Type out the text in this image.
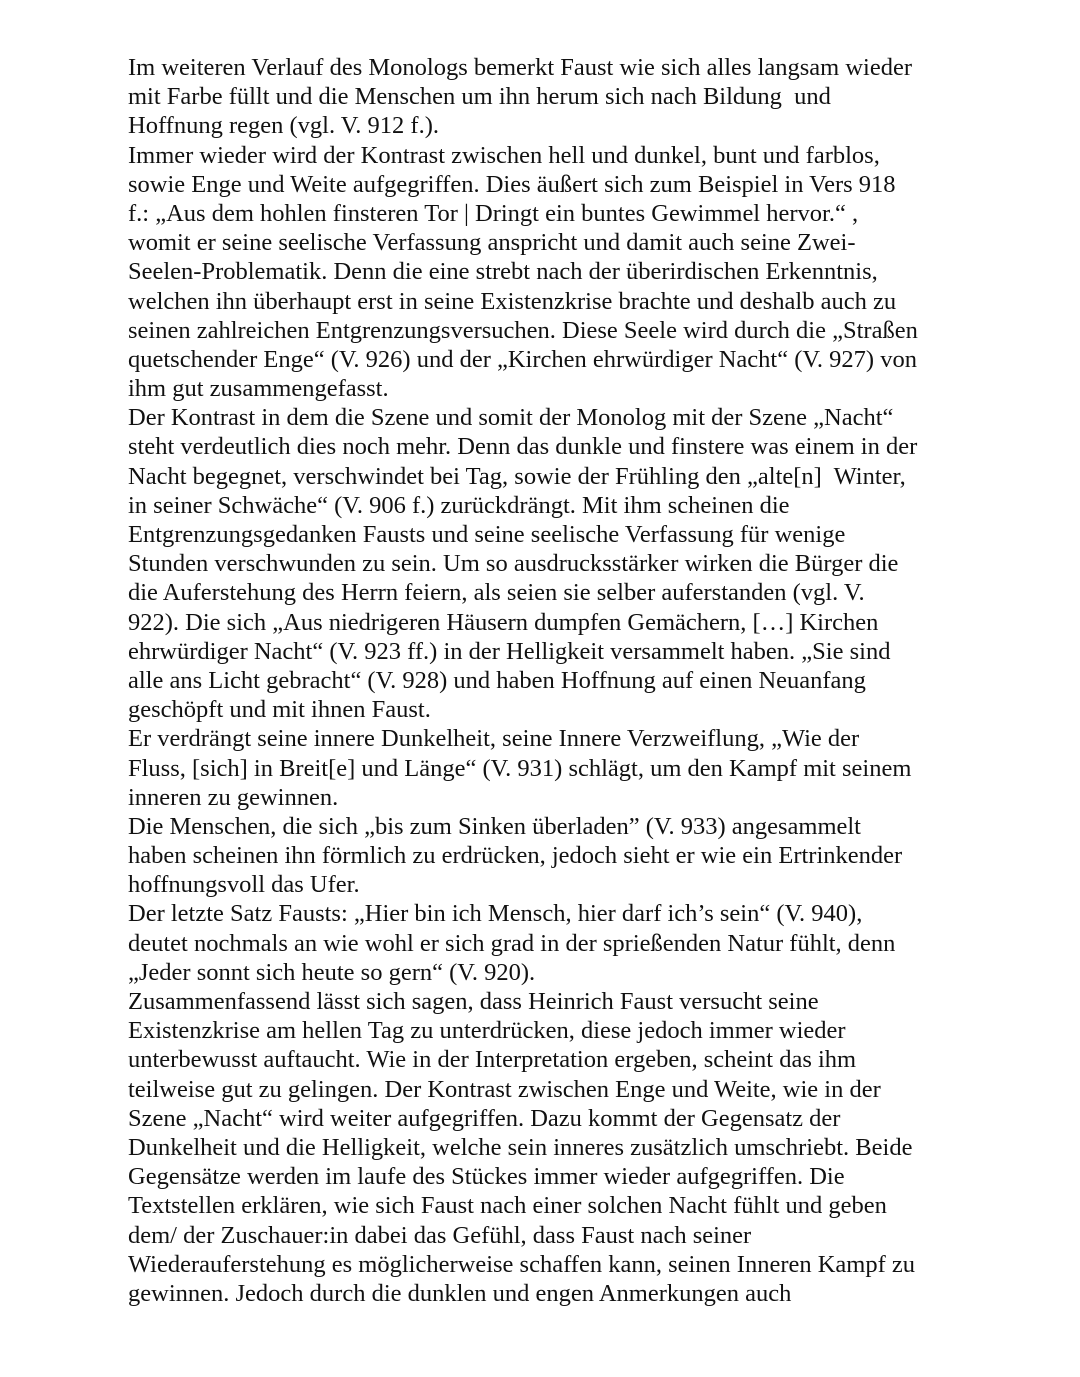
Im weiteren Verlauf des Monologs bemerkt Faust wie sich alles langsam wieder
mit Farbe füllt und die Menschen um ihn herum sich nach Bildung  und
Hoffnung regen (vgl. V. 912 f.).
Immer wieder wird der Kontrast zwischen hell und dunkel, bunt und farblos,
sowie Enge und Weite aufgegriffen. Dies äußert sich zum Beispiel in Vers 918
f.: „Aus dem hohlen finsteren Tor | Dringt ein buntes Gewimmel hervor.“ ,
womit er seine seelische Verfassung anspricht und damit auch seine Zwei-
Seelen-Problematik. Denn die eine strebt nach der überirdischen Erkenntnis,
welchen ihn überhaupt erst in seine Existenzkrise brachte und deshalb auch zu
seinen zahlreichen Entgrenzungsversuchen. Diese Seele wird durch die „Straßen
quetschender Enge“ (V. 926) und der „Kirchen ehrwürdiger Nacht“ (V. 927) von
ihm gut zusammengefasst.
Der Kontrast in dem die Szene und somit der Monolog mit der Szene „Nacht“
steht verdeutlich dies noch mehr. Denn das dunkle und finstere was einem in der
Nacht begegnet, verschwindet bei Tag, sowie der Frühling den „alte[n]  Winter,
in seiner Schwäche“ (V. 906 f.) zurückdrängt. Mit ihm scheinen die
Entgrenzungsgedanken Fausts und seine seelische Verfassung für wenige
Stunden verschwunden zu sein. Um so ausdrucksstärker wirken die Bürger die
die Auferstehung des Herrn feiern, als seien sie selber auferstanden (vgl. V.
922). Die sich „Aus niedrigeren Häusern dumpfen Gemächern, […] Kirchen
ehrwürdiger Nacht“ (V. 923 ff.) in der Helligkeit versammelt haben. „Sie sind
alle ans Licht gebracht“ (V. 928) und haben Hoffnung auf einen Neuanfang
geschöpft und mit ihnen Faust.
Er verdrängt seine innere Dunkelheit, seine Innere Verzweiflung, „Wie der
Fluss, [sich] in Breit[e] und Länge“ (V. 931) schlägt, um den Kampf mit seinem
inneren zu gewinnen.
Die Menschen, die sich „bis zum Sinken überladen” (V. 933) angesammelt
haben scheinen ihn förmlich zu erdrücken, jedoch sieht er wie ein Ertrinkender
hoffnungsvoll das Ufer.
Der letzte Satz Fausts: „Hier bin ich Mensch, hier darf ich’s sein“ (V. 940),
deutet nochmals an wie wohl er sich grad in der sprießenden Natur fühlt, denn
„Jeder sonnt sich heute so gern“ (V. 920).
Zusammenfassend lässt sich sagen, dass Heinrich Faust versucht seine
Existenzkrise am hellen Tag zu unterdrücken, diese jedoch immer wieder
unterbewusst auftaucht. Wie in der Interpretation ergeben, scheint das ihm
teilweise gut zu gelingen. Der Kontrast zwischen Enge und Weite, wie in der
Szene „Nacht“ wird weiter aufgegriffen. Dazu kommt der Gegensatz der
Dunkelheit und die Helligkeit, welche sein inneres zusätzlich umschriebt. Beide
Gegensätze werden im laufe des Stückes immer wieder aufgegriffen. Die
Textstellen erklären, wie sich Faust nach einer solchen Nacht fühlt und geben
dem/ der Zuschauer:in dabei das Gefühl, dass Faust nach seiner
Wiederauferstehung es möglicherweise schaffen kann, seinen Inneren Kampf zu
gewinnen. Jedoch durch die dunklen und engen Anmerkungen auch
